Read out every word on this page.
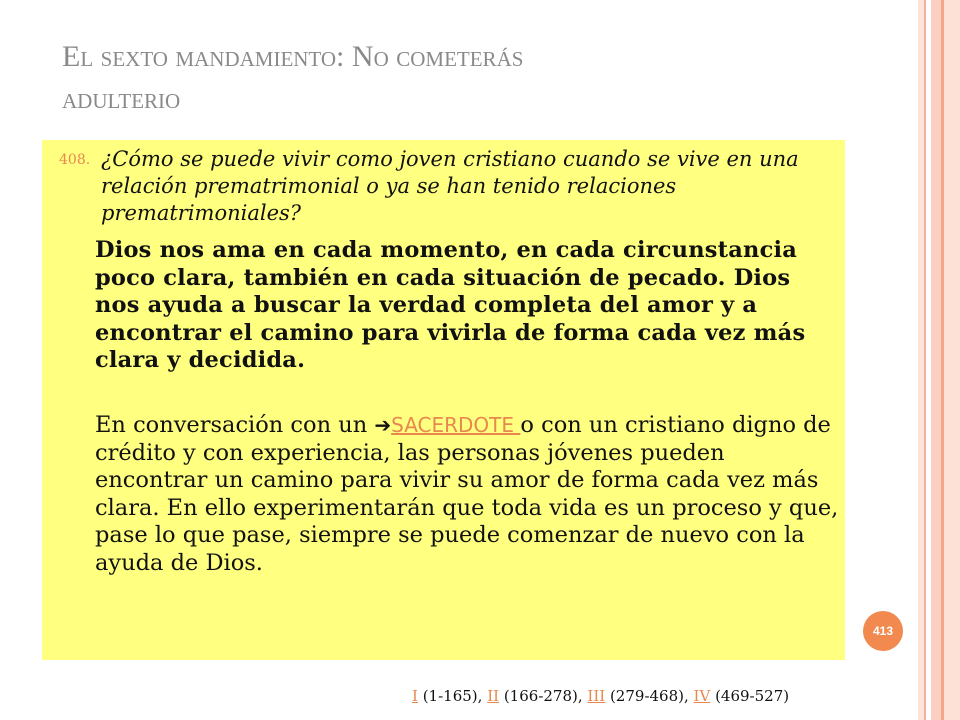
El sexto mandamiento: No cometerás
adulterio
408. ¿Cómo se puede vivir como joven cristiano cuando se vive en una relación prematrimonial o ya se han tenido relaciones prematrimoniales?
Dios nos ama en cada momento, en cada circunstancia poco clara, también en cada situación de pecado. Dios nos ayuda a buscar la verdad completa del amor y a encontrar el camino para vivirla de forma cada vez más clara y decidida.
En conversación con un ➔SACERDOTE o con un cristiano digno de crédito y con experiencia, las personas jóvenes pueden encontrar un camino para vivir su amor de forma cada vez más clara. En ello experimentarán que toda vida es un proceso y que, pase lo que pase, siempre se puede comenzar de nuevo con la ayuda de Dios.
413
I (1-165), II (166-278), III (279-468), IV (469-527)
